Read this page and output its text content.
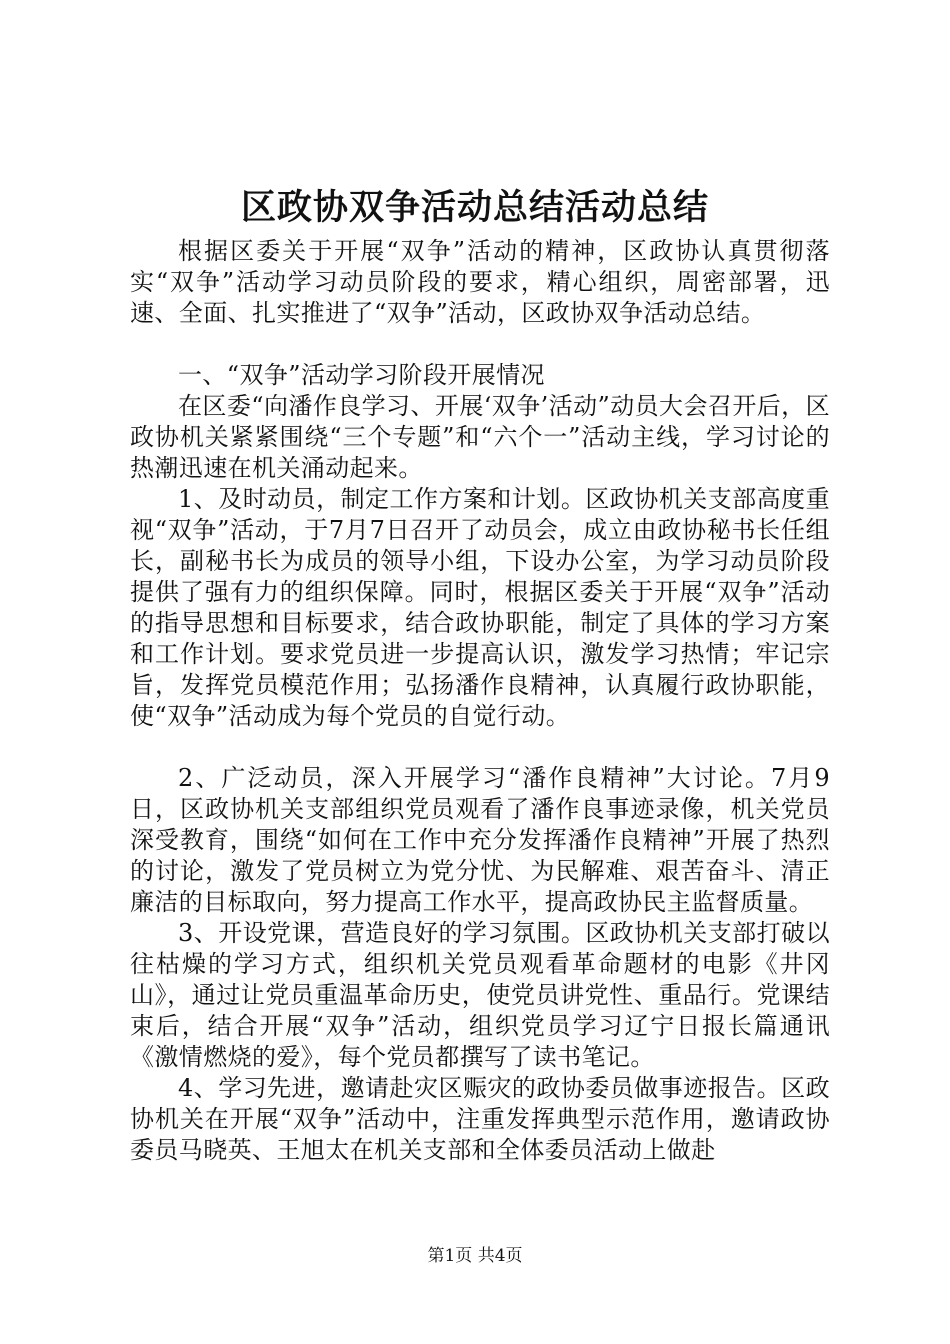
区政协双争活动总结活动总结

根据区委关于开展“双争”活动的精神，区政协认真贯彻落实“双争”活动学习动员阶段的要求，精心组织，周密部署，迅速、全面、扎实推进了“双争”活动，区政协双争活动总结。

一、“双争”活动学习阶段开展情况

在区委“向潘作良学习、开展‘双争’活动”动员大会召开后，区政协机关紧紧围绕“三个专题”和“六个一”活动主线，学习讨论的热潮迅速在机关涌动起来。

1、及时动员，制定工作方案和计划。区政协机关支部高度重视“双争”活动，于7月7日召开了动员会，成立由政协秘书长任组长，副秘书长为成员的领导小组，下设办公室，为学习动员阶段提供了强有力的组织保障。同时，根据区委关于开展“双争”活动的指导思想和目标要求，结合政协职能，制定了具体的学习方案和工作计划。要求党员进一步提高认识，激发学习热情；牢记宗旨，发挥党员模范作用；弘扬潘作良精神，认真履行政协职能，使“双争”活动成为每个党员的自觉行动。

2、广泛动员，深入开展学习“潘作良精神”大讨论。7月9日，区政协机关支部组织党员观看了潘作良事迹录像，机关党员深受教育，围绕“如何在工作中充分发挥潘作良精神”开展了热烈的讨论，激发了党员树立为党分忧、为民解难、艰苦奋斗、清正廉洁的目标取向，努力提高工作水平，提高政协民主监督质量。

3、开设党课，营造良好的学习氛围。区政协机关支部打破以往枯燥的学习方式，组织机关党员观看革命题材的电影《井冈山》，通过让党员重温革命历史，使党员讲党性、重品行。党课结束后，结合开展“双争”活动，组织党员学习辽宁日报长篇通讯《激情燃烧的爱》，每个党员都撰写了读书笔记。

4、学习先进，邀请赴灾区赈灾的政协委员做事迹报告。区政协机关在开展“双争”活动中，注重发挥典型示范作用，邀请政协委员马晓英、王旭太在机关支部和全体委员活动上做赴

第1页 共4页
